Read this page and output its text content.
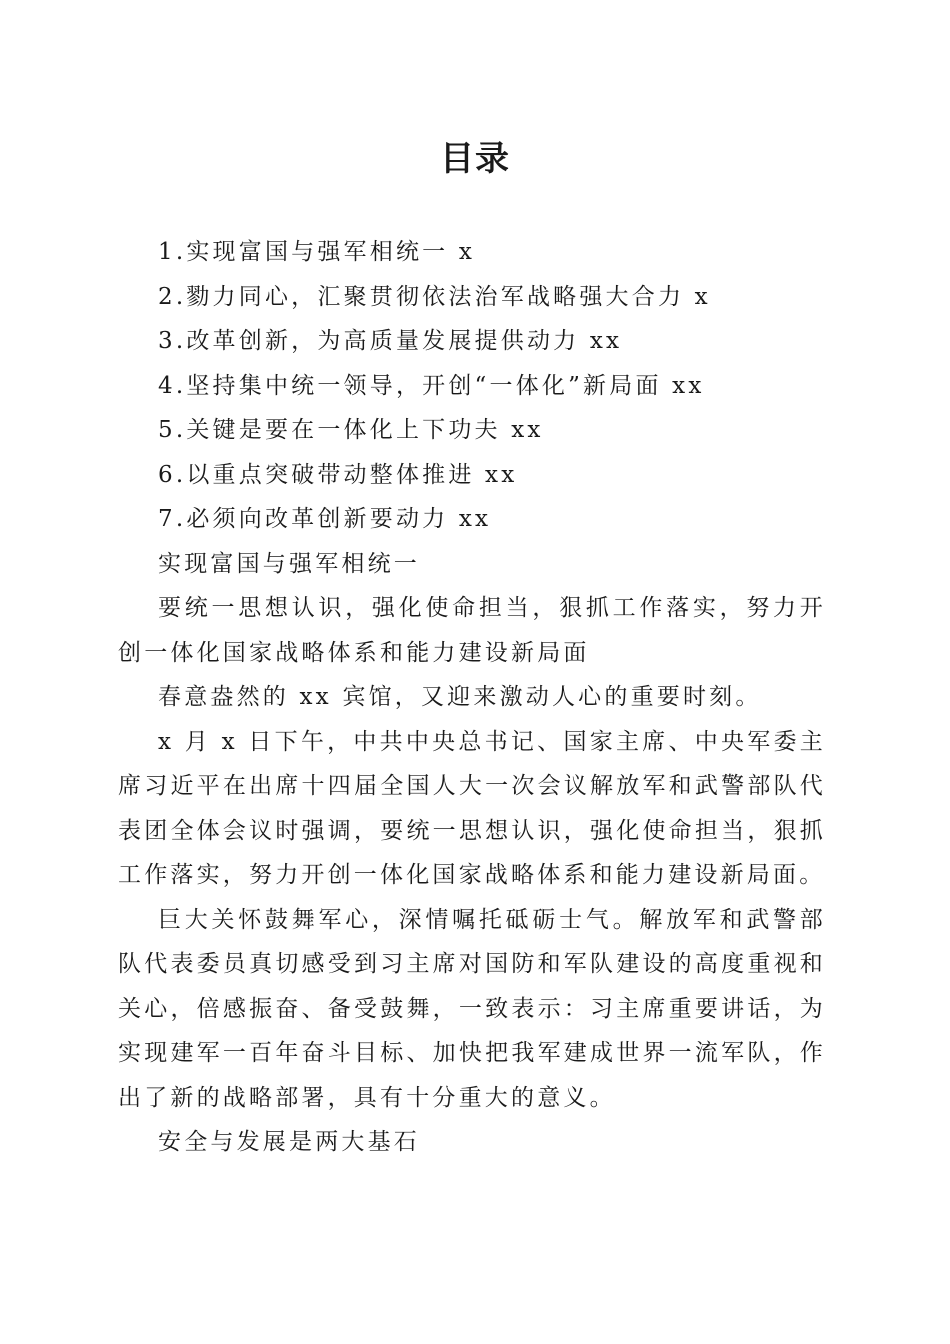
目录

1.实现富国与强军相统一 x

2.勠力同心，汇聚贯彻依法治军战略强大合力 x

3.改革创新，为高质量发展提供动力 xx

4.坚持集中统一领导，开创“一体化”新局面 xx

5.关键是要在一体化上下功夫 xx

6.以重点突破带动整体推进 xx

7.必须向改革创新要动力 xx

实现富国与强军相统一

要统一思想认识，强化使命担当，狠抓工作落实，努力开创一体化国家战略体系和能力建设新局面

春意盎然的 xx 宾馆，又迎来激动人心的重要时刻。

x 月 x 日下午，中共中央总书记、国家主席、中央军委主席习近平在出席十四届全国人大一次会议解放军和武警部队代表团全体会议时强调，要统一思想认识，强化使命担当，狠抓工作落实，努力开创一体化国家战略体系和能力建设新局面。

巨大关怀鼓舞军心，深情嘱托砥砺士气。解放军和武警部队代表委员真切感受到习主席对国防和军队建设的高度重视和关心，倍感振奋、备受鼓舞，一致表示：习主席重要讲话，为实现建军一百年奋斗目标、加快把我军建成世界一流军队，作出了新的战略部署，具有十分重大的意义。

安全与发展是两大基石
